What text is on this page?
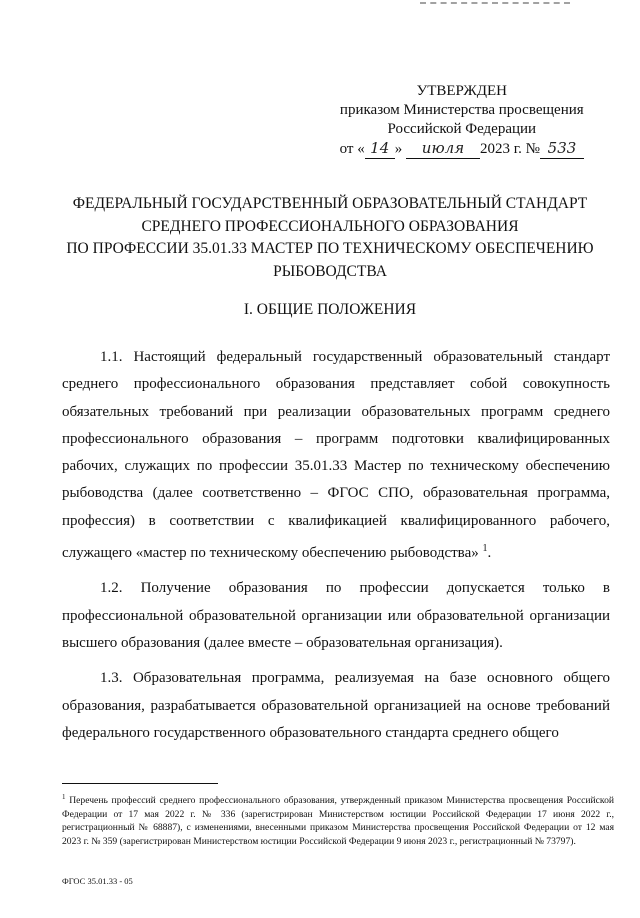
УТВЕРЖДЕН
приказом Министерства просвещения
Российской Федерации
от « 14 » июля 2023 г. № 533
ФЕДЕРАЛЬНЫЙ ГОСУДАРСТВЕННЫЙ ОБРАЗОВАТЕЛЬНЫЙ СТАНДАРТ
СРЕДНЕГО ПРОФЕССИОНАЛЬНОГО ОБРАЗОВАНИЯ
ПО ПРОФЕССИИ 35.01.33 МАСТЕР ПО ТЕХНИЧЕСКОМУ ОБЕСПЕЧЕНИЮ
РЫБОВОДСТВА
I. ОБЩИЕ ПОЛОЖЕНИЯ

1.1. Настоящий федеральный государственный образовательный стандарт среднего профессионального образования представляет собой совокупность обязательных требований при реализации образовательных программ среднего профессионального образования – программ подготовки квалифицированных рабочих, служащих по профессии 35.01.33 Мастер по техническому обеспечению рыбоводства (далее соответственно – ФГОС СПО, образовательная программа, профессия) в соответствии с квалификацией квалифицированного рабочего, служащего «мастер по техническому обеспечению рыбоводства» $^1$.

1.2. Получение образования по профессии допускается только в профессиональной образовательной организации или образовательной организации высшего образования (далее вместе – образовательная организация).

1.3. Образовательная программа, реализуемая на базе основного общего образования, разрабатывается образовательной организацией на основе требований федерального государственного образовательного стандарта среднего общего

$^1$ Перечень профессий среднего профессионального образования, утвержденный приказом Министерства просвещения Российской Федерации от 17 мая 2022 г. № 336 (зарегистрирован Министерством юстиции Российской Федерации 17 июня 2022 г., регистрационный № 68887), с изменениями, внесенными приказом Министерства просвещения Российской Федерации от 12 мая 2023 г. № 359 (зарегистрирован Министерством юстиции Российской Федерации 9 июня 2023 г., регистрационный № 73797).
ФГОС 35.01.33 - 05
